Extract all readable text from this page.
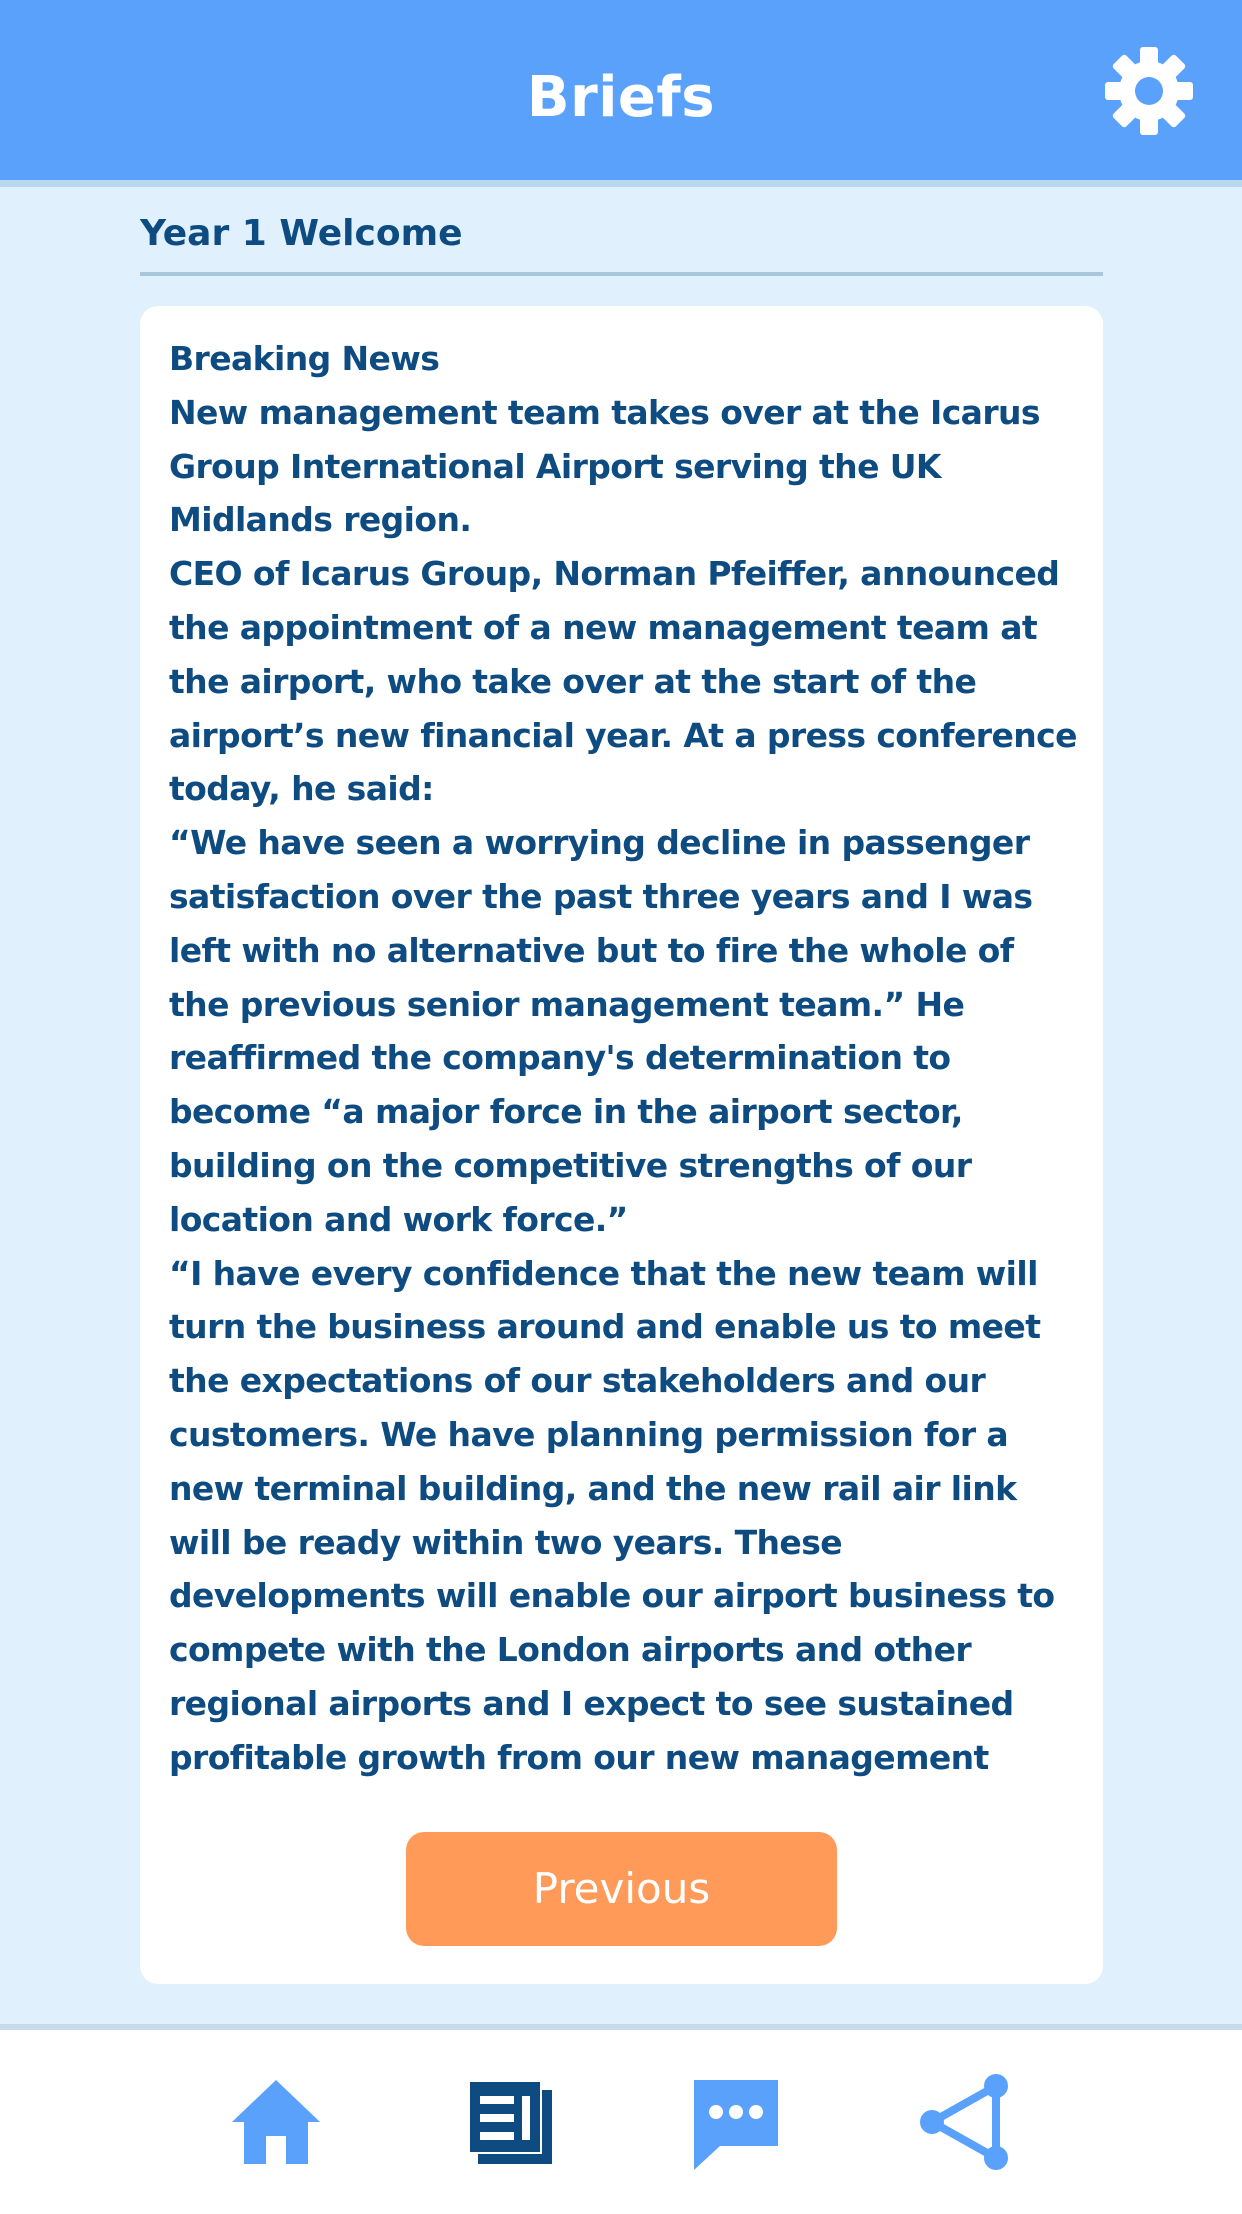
Briefs
Year 1 Welcome

Breaking News

New management team takes over at the Icarus Group International Airport serving the UK Midlands region.

CEO of Icarus Group, Norman Pfeiffer, announced the appointment of a new management team at the airport, who take over at the start of the airport’s new financial year. At a press conference today, he said:

“We have seen a worrying decline in passenger satisfaction over the past three years and I was left with no alternative but to fire the whole of the previous senior management team.” He reaffirmed the company's determination to become “a major force in the airport sector, building on the competitive strengths of our location and work force.”

“I have every confidence that the new team will turn the business around and enable us to meet the expectations of our stakeholders and our customers. We have planning permission for a new terminal building, and the new rail air link will be ready within two years. These developments will enable our airport business to compete with the London airports and other regional airports and I expect to see sustained profitable growth from our new management

Previous
